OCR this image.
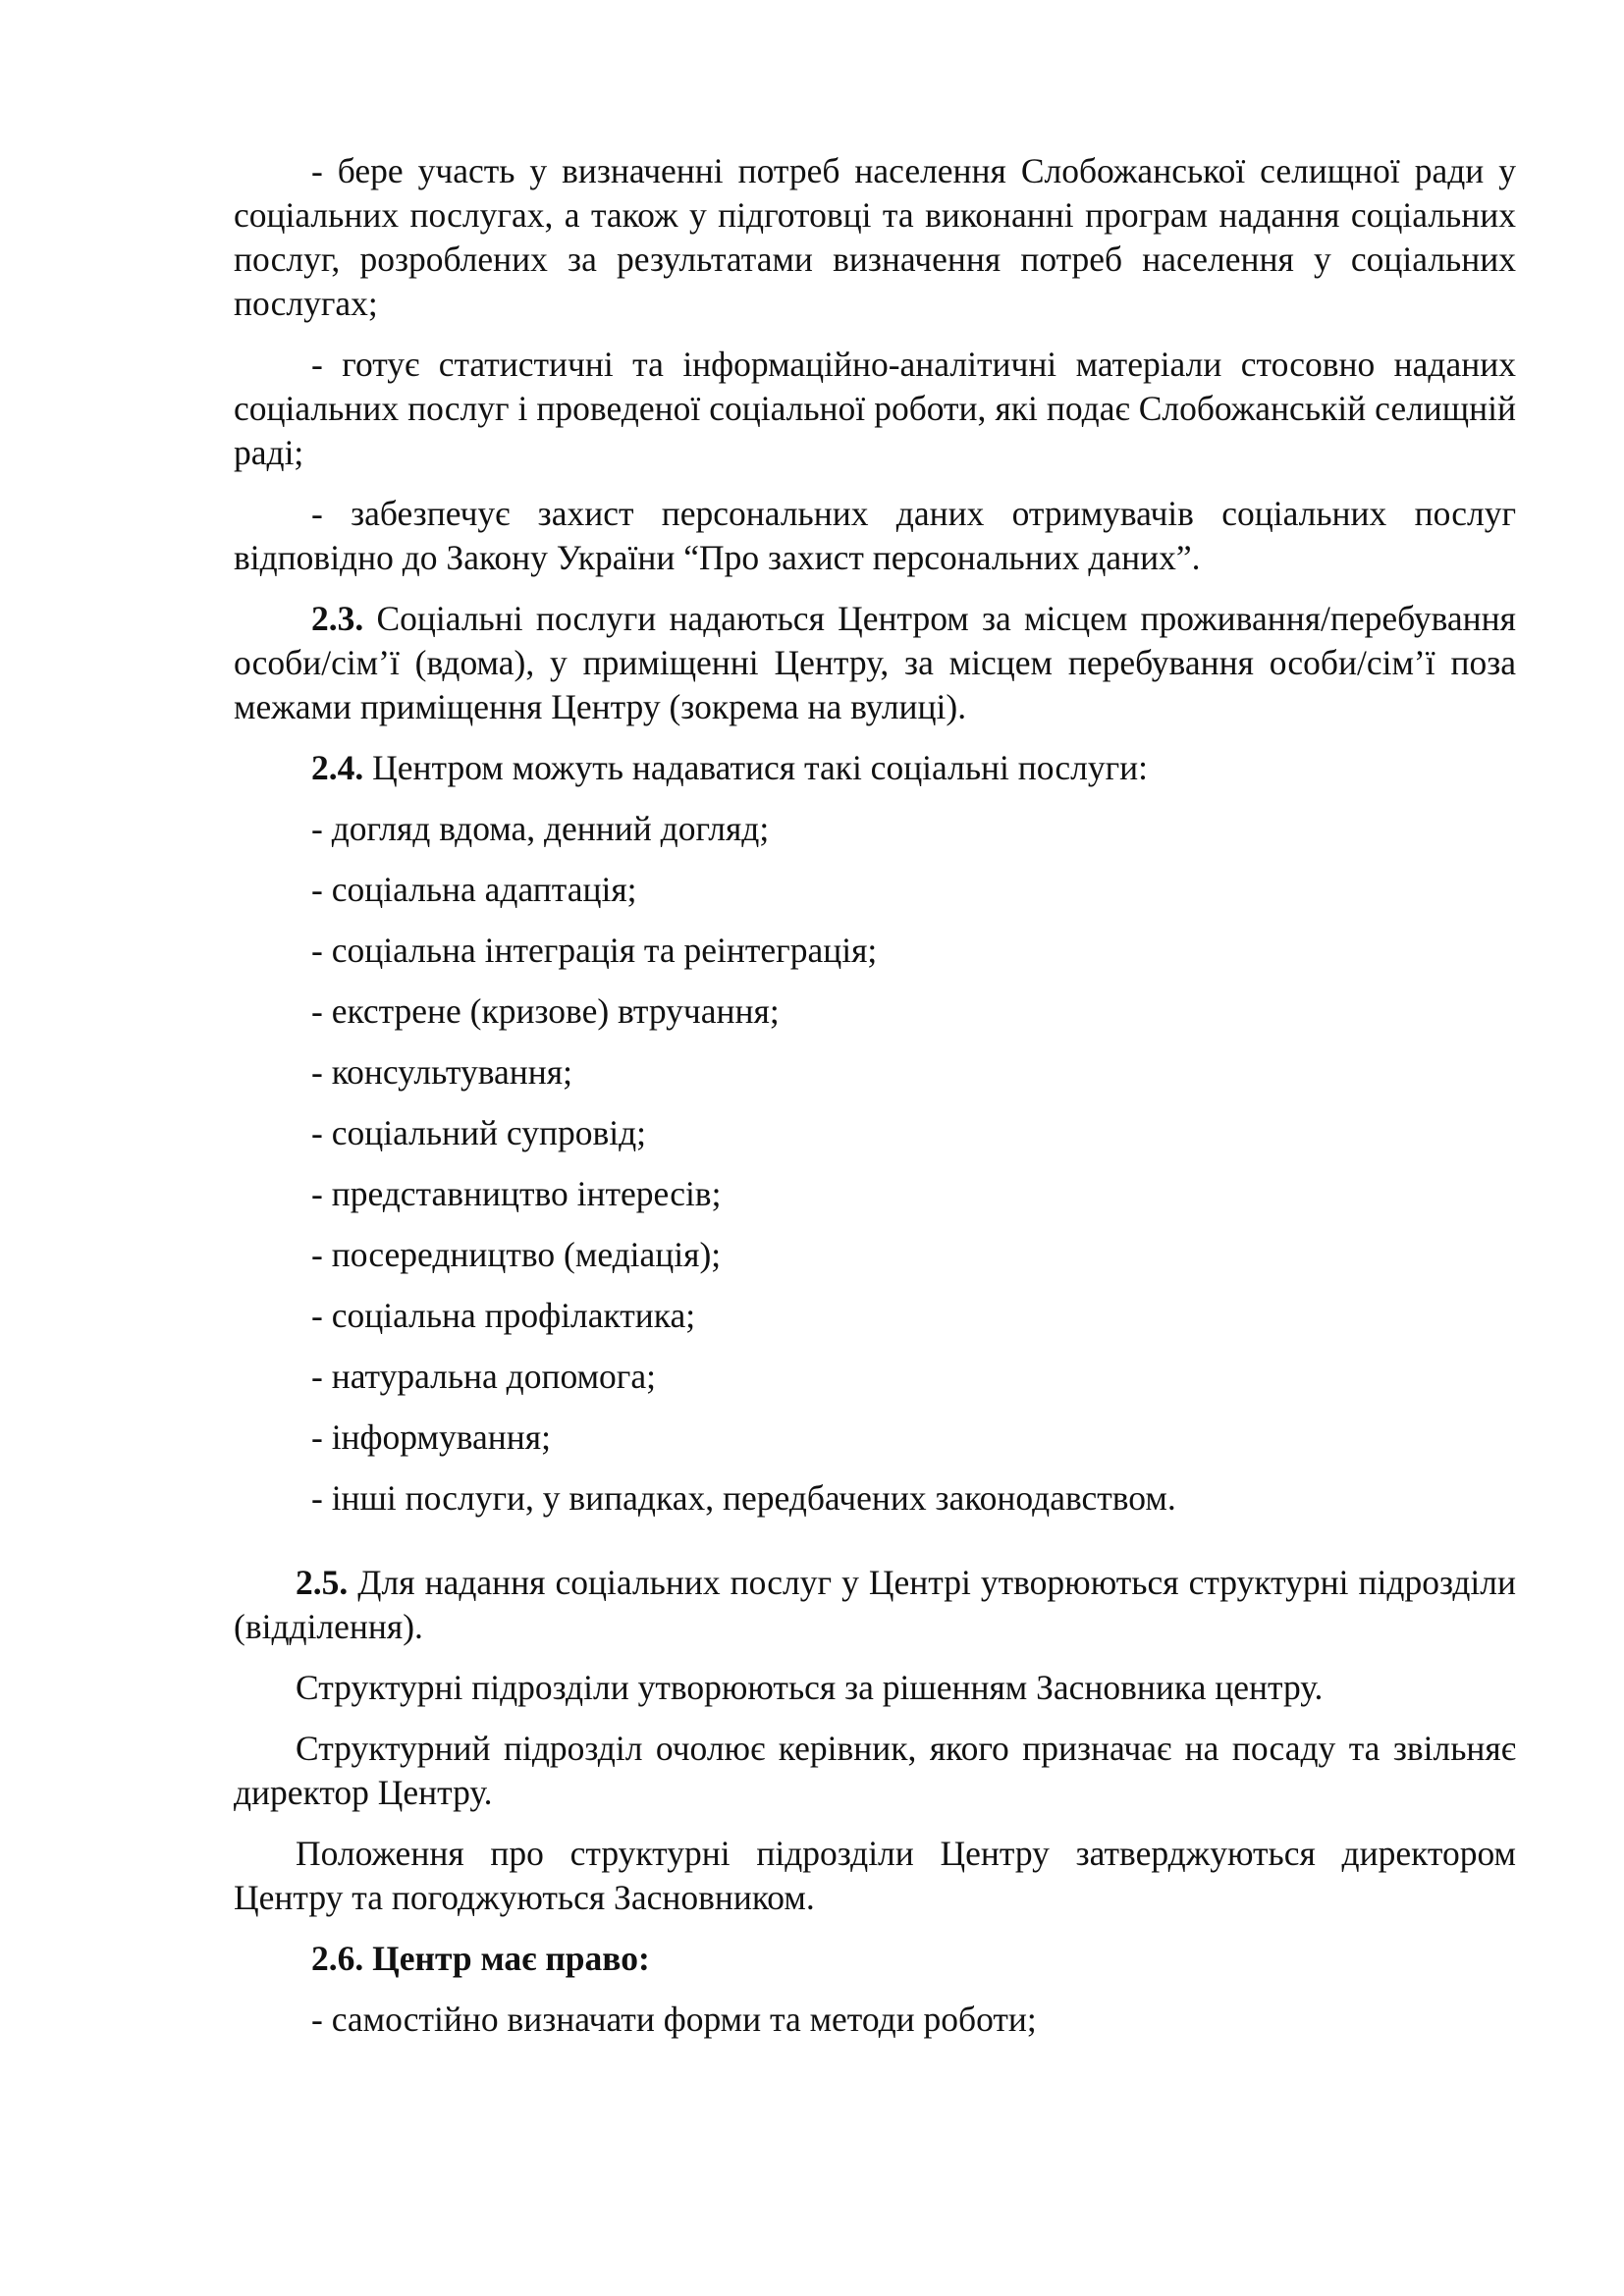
- бере участь у визначенні потреб населення Слобожанської селищної ради у соціальних послугах, а також у підготовці та виконанні програм надання соціальних послуг, розроблених за результатами визначення потреб населення у соціальних послугах;

- готує статистичні та інформаційно-аналітичні матеріали стосовно наданих соціальних послуг і проведеної соціальної роботи, які подає Слобожанській селищній раді;

- забезпечує захист персональних даних отримувачів соціальних послуг відповідно до Закону України “Про захист персональних даних”.

2.3. Соціальні послуги надаються Центром за місцем проживання/перебування особи/сім’ї (вдома), у приміщенні Центру, за місцем перебування особи/сім’ї поза межами приміщення Центру (зокрема на вулиці).

2.4. Центром можуть надаватися такі соціальні послуги:

- догляд вдома, денний догляд;

- соціальна адаптація;

- соціальна інтеграція та реінтеграція;

- екстрене (кризове) втручання;

- консультування;

- соціальний супровід;

- представництво інтересів;

- посередництво (медіація);

- соціальна профілактика;

- натуральна допомога;

- інформування;

- інші послуги, у випадках, передбачених законодавством.

2.5. Для надання соціальних послуг у Центрі утворюються структурні підрозділи (відділення).

Структурні підрозділи утворюються за рішенням Засновника центру.

Структурний підрозділ очолює керівник, якого призначає на посаду та звільняє директор Центру.

Положення про структурні підрозділи Центру затверджуються директором Центру та погоджуються Засновником.

2.6. Центр має право:

- самостійно визначати форми та методи роботи;
